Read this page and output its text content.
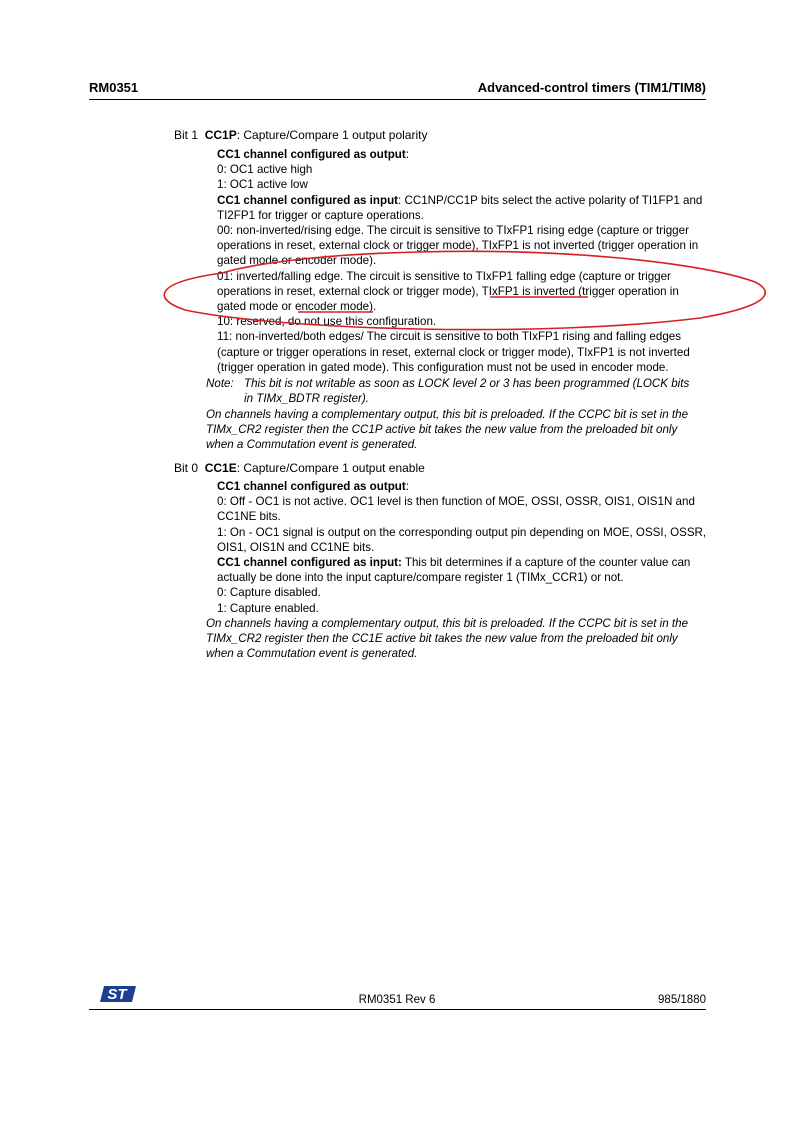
RM0351	Advanced-control timers (TIM1/TIM8)
Bit 1 CC1P: Capture/Compare 1 output polarity

CC1 channel configured as output:

0: OC1 active high

1: OC1 active low

CC1 channel configured as input: CC1NP/CC1P bits select the active polarity of TI1FP1 and TI2FP1 for trigger or capture operations.

00: non-inverted/rising edge. The circuit is sensitive to TIxFP1 rising edge (capture or trigger operations in reset, external clock or trigger mode), TIxFP1 is not inverted (trigger operation in gated mode or encoder mode).

01: inverted/falling edge. The circuit is sensitive to TIxFP1 falling edge (capture or trigger operations in reset, external clock or trigger mode), TIxFP1 is inverted (trigger operation in gated mode or encoder mode).

10: reserved, do not use this configuration.

11: non-inverted/both edges/ The circuit is sensitive to both TIxFP1 rising and falling edges (capture or trigger operations in reset, external clock or trigger mode), TIxFP1 is not inverted (trigger operation in gated mode). This configuration must not be used in encoder mode.

Note: This bit is not writable as soon as LOCK level 2 or 3 has been programmed (LOCK bits
in TIMx_BDTR register).

On channels having a complementary output, this bit is preloaded. If the CCPC bit is set in the TIMx_CR2 register then the CC1P active bit takes the new value from the preloaded bit only when a Commutation event is generated.

Bit 0 CC1E: Capture/Compare 1 output enable

CC1 channel configured as output:

0: Off - OC1 is not active. OC1 level is then function of MOE, OSSI, OSSR, OIS1, OIS1N and CC1NE bits.

1: On - OC1 signal is output on the corresponding output pin depending on MOE, OSSI, OSSR, OIS1, OIS1N and CC1NE bits.

CC1 channel configured as input: This bit determines if a capture of the counter value can actually be done into the input capture/compare register 1 (TIMx_CCR1) or not.

0: Capture disabled.

1: Capture enabled.

On channels having a complementary output, this bit is preloaded. If the CCPC bit is set in the TIMx_CR2 register then the CC1E active bit takes the new value from the preloaded bit only when a Commutation event is generated.

ST	RM0351 Rev 6	985/1880
